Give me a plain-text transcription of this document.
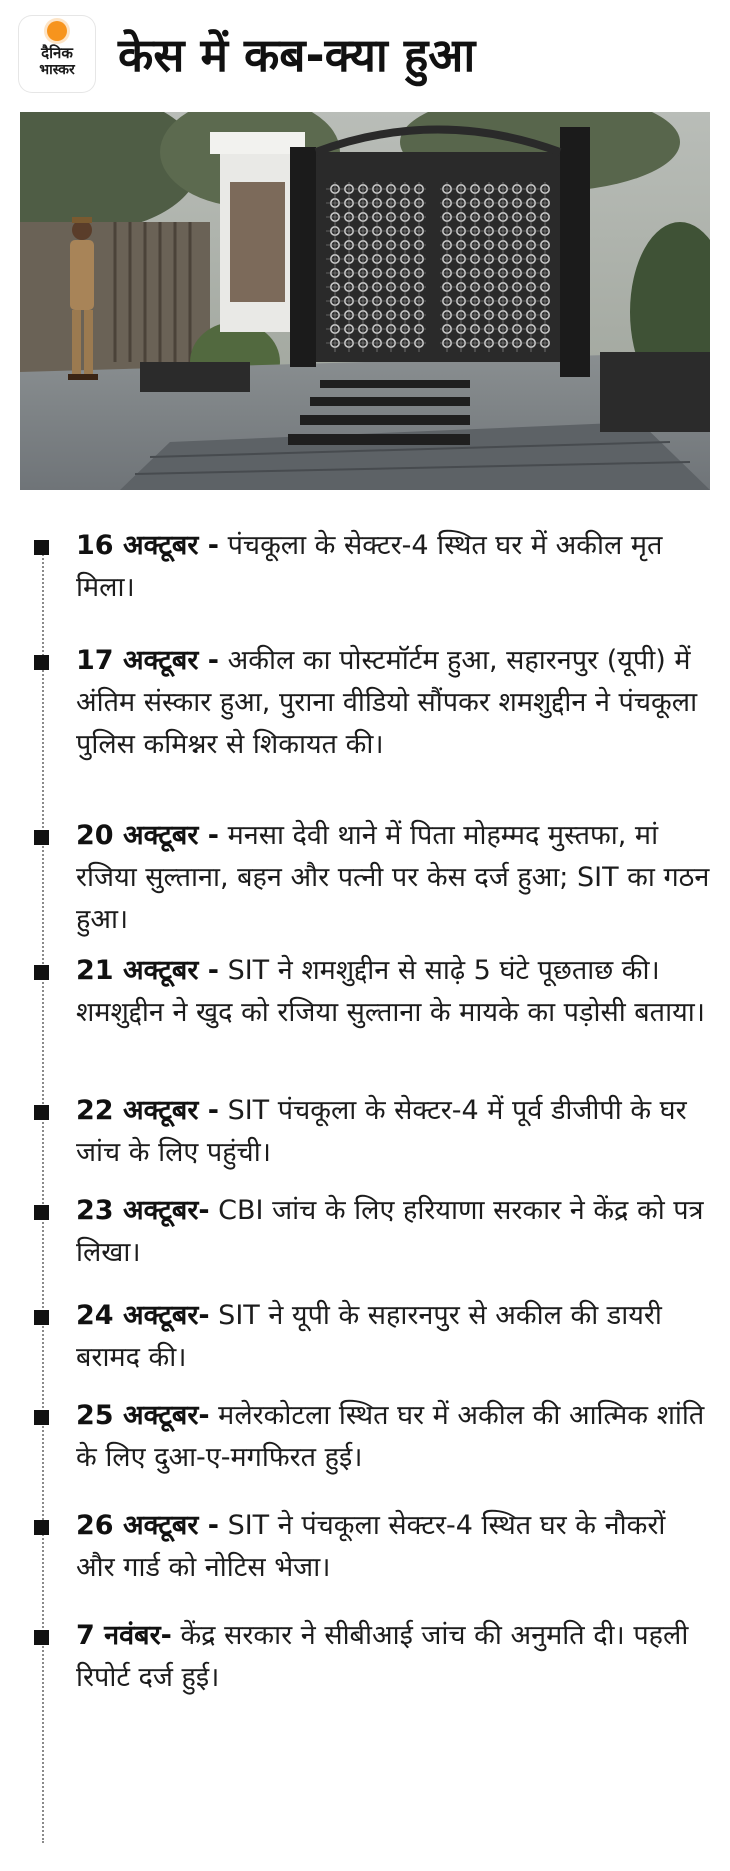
दैनिक
भास्कर केस में कब-क्या हुआ
16 अक्टूबर - पंचकूला के सेक्टर-4 स्थित घर में अकील मृत मिला।
17 अक्टूबर - अकील का पोस्टमॉर्टम हुआ, सहारनपुर (यूपी) में अंतिम संस्कार हुआ, पुराना वीडियो सौंपकर शमशुद्दीन ने पंचकूला पुलिस कमिश्नर से शिकायत की।
20 अक्टूबर - मनसा देवी थाने में पिता मोहम्मद मुस्तफा, मां रजिया सुल्ताना, बहन और पत्नी पर केस दर्ज हुआ; SIT का गठन हुआ।
21 अक्टूबर - SIT ने शमशुद्दीन से साढ़े 5 घंटे पूछताछ की। शमशुद्दीन ने खुद को रजिया सुल्ताना के मायके का पड़ोसी बताया।
22 अक्टूबर - SIT पंचकूला के सेक्टर-4 में पूर्व डीजीपी के घर जांच के लिए पहुंची।
23 अक्टूबर- CBI जांच के लिए हरियाणा सरकार ने केंद्र को पत्र लिखा।
24 अक्टूबर- SIT ने यूपी के सहारनपुर से अकील की डायरी बरामद की।
25 अक्टूबर- मलेरकोटला स्थित घर में अकील की आत्मिक शांति के लिए दुआ-ए-मगफिरत हुई।
26 अक्टूबर - SIT ने पंचकूला सेक्टर-4 स्थित घर के नौकरों और गार्ड को नोटिस भेजा।
7 नवंबर- केंद्र सरकार ने सीबीआई जांच की अनुमति दी। पहली रिपोर्ट दर्ज हुई।
